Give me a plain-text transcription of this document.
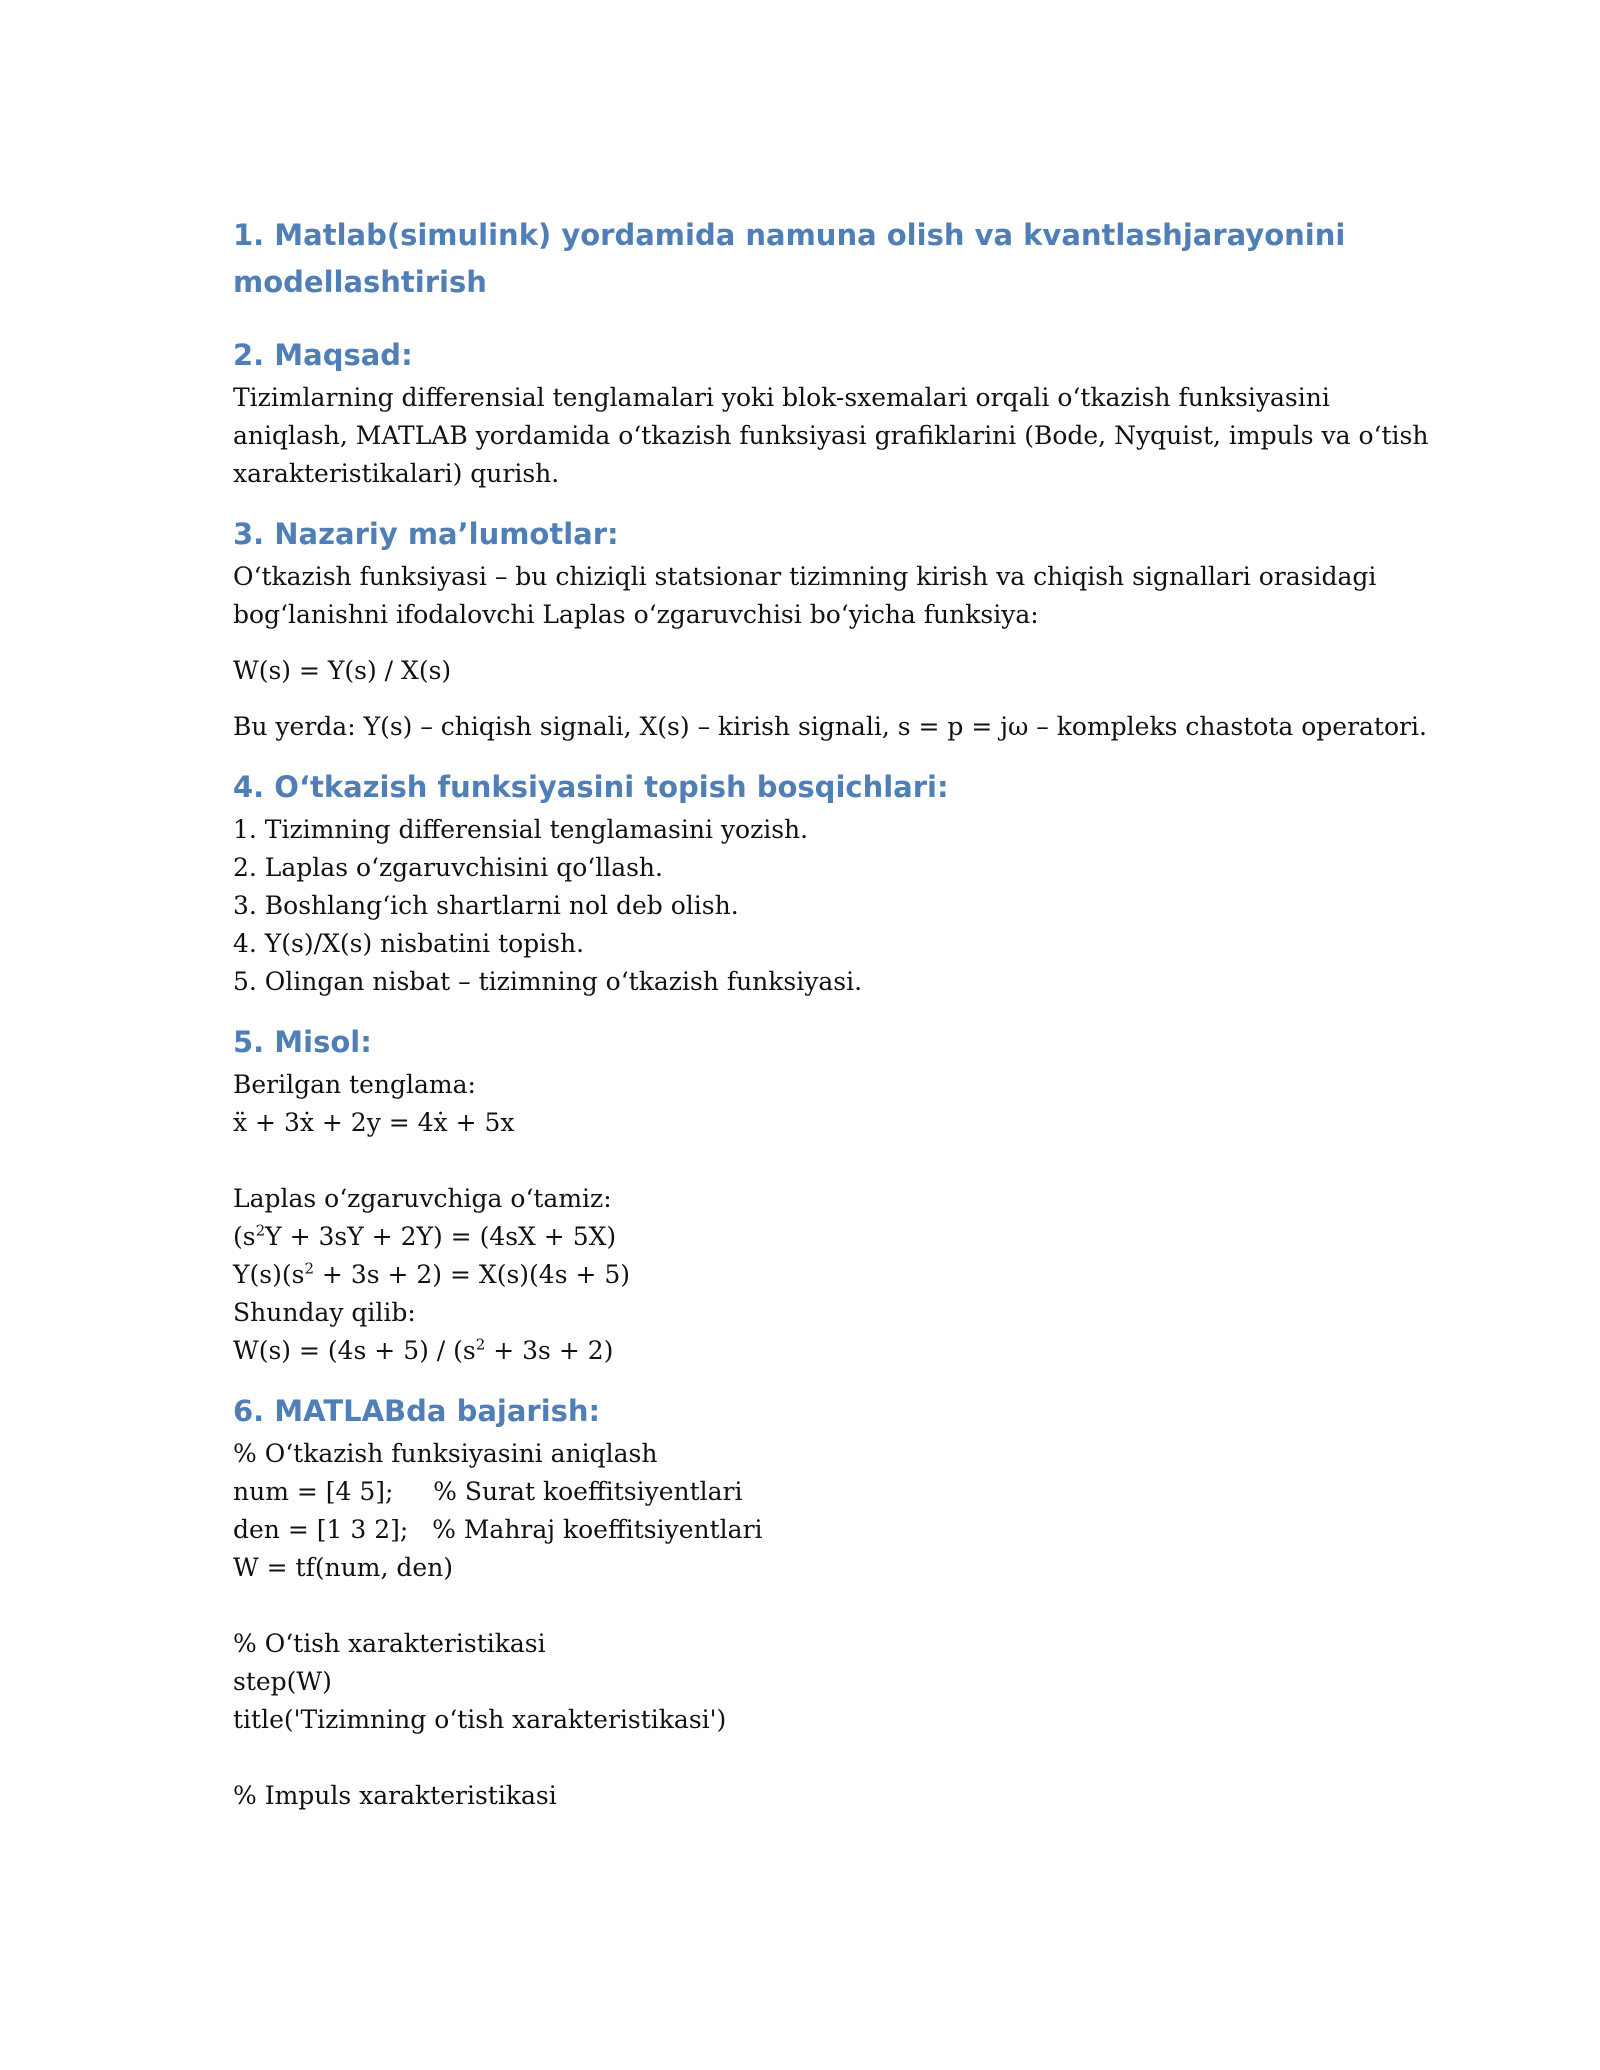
1. Matlab(simulink) yordamida namuna olish va kvantlashjarayonini

modellashtirish

2. Maqsad:

Tizimlarning differensial tenglamalari yoki blok-sxemalari orqali oʻtkazish funksiyasini

aniqlash, MATLAB yordamida oʻtkazish funksiyasi grafiklarini (Bode, Nyquist, impuls va oʻtish

xarakteristikalari) qurish.

3. Nazariy ma’lumotlar:

Oʻtkazish funksiyasi – bu chiziqli statsionar tizimning kirish va chiqish signallari orasidagi

bogʻlanishni ifodalovchi Laplas oʻzgaruvchisi boʻyicha funksiya:

W(s) = Y(s) / X(s)

Bu yerda: Y(s) – chiqish signali, X(s) – kirish signali, s = p = jω – kompleks chastota operatori.

4. Oʻtkazish funksiyasini topish bosqichlari:

1. Tizimning differensial tenglamasini yozish.

2. Laplas oʻzgaruvchisini qoʻllash.

3. Boshlangʻich shartlarni nol deb olish.

4. Y(s)/X(s) nisbatini topish.

5. Olingan nisbat – tizimning oʻtkazish funksiyasi.

5. Misol:

Berilgan tenglama:

ẍ + 3ẋ + 2y = 4ẋ + 5x

Laplas oʻzgaruvchiga oʻtamiz:

$(s^2Y + 3sY + 2Y) = (4sX + 5X)$

$Y(s)(s^2 + 3s + 2) = X(s)(4s + 5)$

Shunday qilib:

$W(s) = (4s + 5) / (s^2 + 3s + 2)$

6. MATLABda bajarish:

% Oʻtkazish funksiyasini aniqlash

num = [4 5];     % Surat koeffitsiyentlari

den = [1 3 2];   % Mahraj koeffitsiyentlari

W = tf(num, den)

% Oʻtish xarakteristikasi

step(W)

title('Tizimning oʻtish xarakteristikasi')

% Impuls xarakteristikasi
